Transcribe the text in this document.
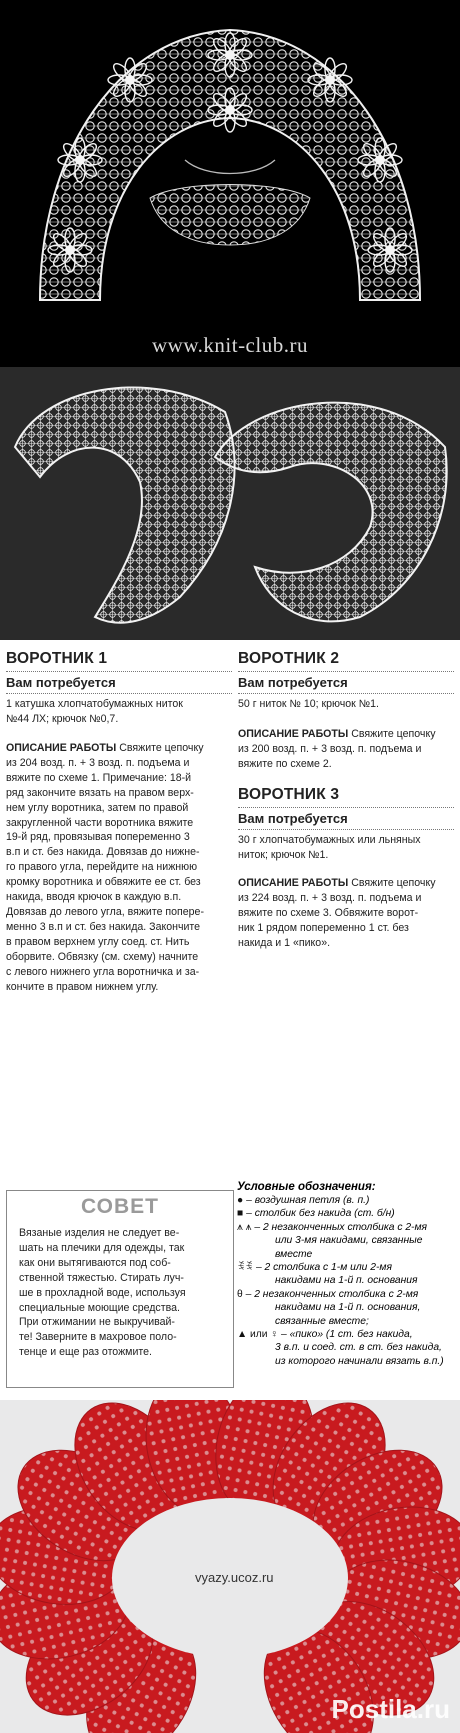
www.knit-club.ru
ВОРОТНИК 1
Вам потребуется
1 катушка хлопчатобумажных ниток
№44 ЛХ; крючок №0,7.
ОПИСАНИЕ РАБОТЫ Свяжите цепочку
из 204 возд. п. + 3 возд. п. подъема и
вяжите по схеме 1. Примечание: 18-й
ряд закончите вязать на правом верх-
нем углу воротника, затем по правой
закругленной части воротника вяжите
19-й ряд, провязывая попеременно 3
в.п и ст. без накида. Довязав до нижне-
го правого угла, перейдите на нижнюю
кромку воротника и обвяжите ее ст. без
накида, вводя крючок в каждую в.п.
Довязав до левого угла, вяжите попере-
менно 3 в.п и ст. без накида. Закончите
в правом верхнем углу соед. ст. Нить
оборвите. Обвязку (см. схему) начните
с левого нижнего угла воротничка и за-
кончите в правом нижнем углу.
ВОРОТНИК 2
Вам потребуется
50 г ниток № 10; крючок №1.
ОПИСАНИЕ РАБОТЫ Свяжите цепочку
из 200 возд. п. + 3 возд. п. подъема и
вяжите по схеме 2.
ВОРОТНИК 3
Вам потребуется
30 г хлопчатобумажных или льняных
ниток; крючок №1.
ОПИСАНИЕ РАБОТЫ Свяжите цепочку
из 224 возд. п. + 3 возд. п. подъема и
вяжите по схеме 3. Обвяжите ворот-
ник 1 рядом попеременно 1 ст. без
накида и 1 «пико».
СОВЕТ
Вязаные изделия не следует ве-
шать на плечики для одежды, так
как они вытягиваются под соб-
ственной тяжестью. Стирать луч-
ше в прохладной воде, используя
специальные моющие средства.
При отжимании не выкручивай-
те! Заверните в махровое поло-
тенце и еще раз отожмите.
Условные обозначения:
● – воздушная петля (в. п.)
■ – столбик без накида (ст. б/н)
⩚ ⩚ – 2 незаконченных столбика с 2-мя
или 3-мя накидами, связанные
вместе
ꉂꉂ – 2 столбика с 1-м или 2-мя
накидами на 1-й п. основания
θ – 2 незаконченных столбика с 2-мя
накидами на 1-й п. основания,
связанные вместе;
▲ или ♀ – «пико» (1 ст. без накида,
3 в.п. и соед. ст. в ст. без накида,
из которого начинали вязать в.п.)
vyazy.ucoz.ru
Postila.ru
